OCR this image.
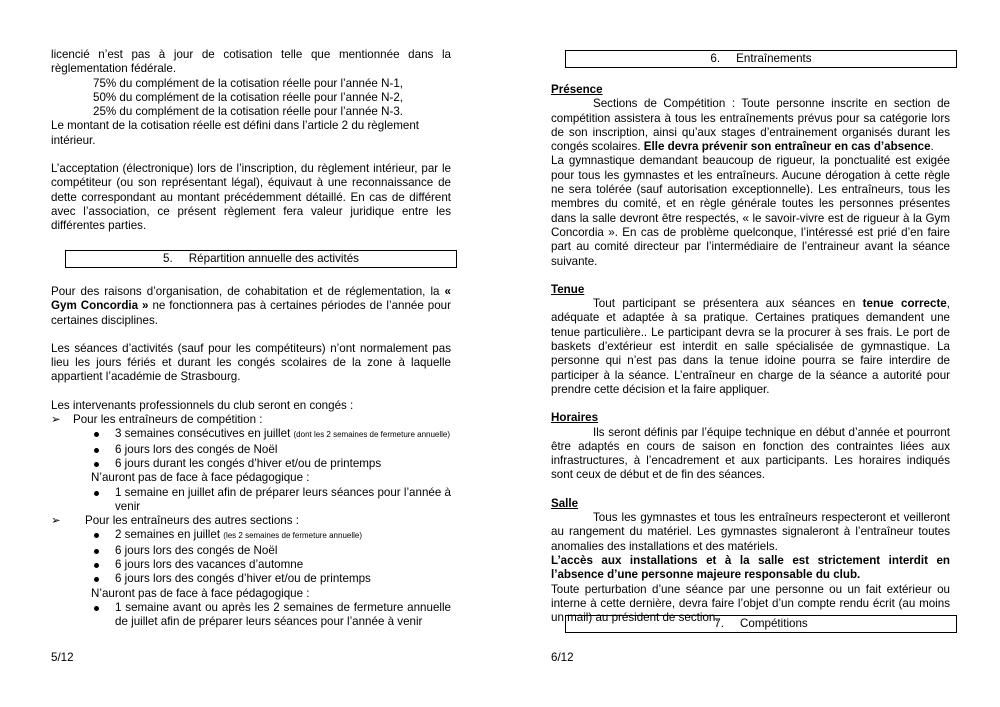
licencié n’est pas à jour de cotisation telle que mentionnée dans la règlementation fédérale.

75% du complément de la cotisation réelle pour l’année N-1,

50% du complément de la cotisation réelle pour l’année N-2,

25% du complément de la cotisation réelle pour l’année N-3.

Le montant de la cotisation réelle est défini dans l’article 2 du règlement intérieur.

L’acceptation (électronique) lors de l’inscription, du règlement intérieur, par le compétiteur (ou son représentant légal), équivaut à une reconnaissance de dette correspondant au montant précédemment détaillé. En cas de différent avec l’association, ce présent règlement fera valeur juridique entre les différentes parties.

5.     Répartition annuelle des activités

Pour des raisons d’organisation, de cohabitation et de réglementation, la « Gym Concordia » ne fonctionnera pas à certaines périodes de l’année pour certaines disciplines.

Les séances d’activités (sauf pour les compétiteurs) n’ont normalement pas lieu les jours fériés et durant les congés scolaires de la zone à laquelle appartient l’académie de Strasbourg.

Les intervenants professionnels du club seront en congés :

➢ Pour les entraîneurs de compétition :
3 semaines consécutives en juillet (dont les 2 semaines de fermeture annuelle)
6 jours lors des congés de Noël
6 jours durant les congés d’hiver et/ou de printemps

N’auront pas de face à face pédagogique :

1 semaine en juillet afin de préparer leurs séances pour l’année à venir
➢ Pour les entraîneurs des autres sections :
2 semaines en juillet (les 2 semaines de fermeture annuelle)
6 jours lors des congés de Noël
6 jours lors des vacances d’automne
6 jours lors des congés d’hiver et/ou de printemps

N’auront pas de face à face pédagogique :

1 semaine avant ou après les 2 semaines de fermeture annuelle de juillet afin de préparer leurs séances pour l’année à venir
5/12
6.     Entraînements

Présence

Sections de Compétition : Toute personne inscrite en section de compétition assistera à tous les entraînements prévus pour sa catégorie lors de son inscription, ainsi qu’aux stages d’entrainement organisés durant les congés scolaires. Elle devra prévenir son entraîneur en cas d’absence.

La gymnastique demandant beaucoup de rigueur, la ponctualité est exigée pour tous les gymnastes et les entraîneurs. Aucune dérogation à cette règle ne sera tolérée (sauf autorisation exceptionnelle). Les entraîneurs, tous les membres du comité, et en règle générale toutes les personnes présentes dans la salle devront être respectés, « le savoir-vivre est de rigueur à la Gym Concordia ». En cas de problème quelconque, l’intéressé est prié d’en faire part au comité directeur par l’intermédiaire de l’entraineur avant la séance suivante.

Tenue

Tout participant se présentera aux séances en tenue correcte, adéquate et adaptée à sa pratique. Certaines pratiques demandent une tenue particulière.. Le participant devra se la procurer à ses frais. Le port de baskets d’extérieur est interdit en salle spécialisée de gymnastique. La personne qui n’est pas dans la tenue idoine pourra se faire interdire de participer à la séance. L’entraîneur en charge de la séance a autorité pour prendre cette décision et la faire appliquer.

Horaires

Ils seront définis par l’équipe technique en début d’année et pourront être adaptés en cours de saison en fonction des contraintes liées aux infrastructures, à l’encadrement et aux participants. Les horaires indiqués sont ceux de début et de fin des séances.

Salle

Tous les gymnastes et tous les entraîneurs respecteront et veilleront au rangement du matériel. Les gymnastes signaleront à l’entraîneur toutes anomalies des installations et des matériels.

L’accès aux installations et à la salle est strictement interdit en l’absence d’une personne majeure responsable du club.

Toute perturbation d’une séance par une personne ou un fait extérieur ou interne à cette dernière, devra faire l’objet d’un compte rendu écrit (au moins un mail) au président de section.

7.     Compétitions
6/12
